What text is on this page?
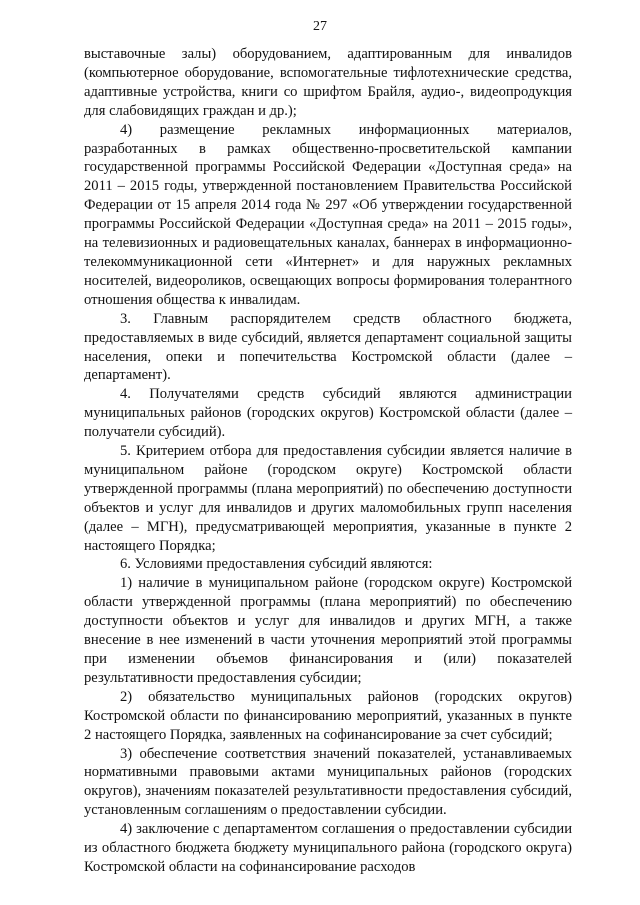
27

выставочные залы) оборудованием, адаптированным для инвалидов (компьютерное оборудование, вспомогательные тифлотехнические средства, адаптивные устройства, книги со шрифтом Брайля, аудио-, видеопродукция для слабовидящих граждан и др.);

4) размещение рекламных информационных материалов, разработанных в рамках общественно-просветительской кампании государственной программы Российской Федерации «Доступная среда» на 2011 – 2015 годы, утвержденной постановлением Правительства Российской Федерации от 15 апреля 2014 года № 297 «Об утверждении государственной программы Российской Федерации «Доступная среда» на 2011 – 2015 годы», на телевизионных и радиовещательных каналах, баннерах в информационно-телекоммуникационной сети «Интернет» и для наружных рекламных носителей, видеороликов, освещающих вопросы формирования толерантного отношения общества к инвалидам.

3. Главным распорядителем средств областного бюджета, предоставляемых в виде субсидий, является департамент социальной защиты населения, опеки и попечительства Костромской области (далее – департамент).

4. Получателями средств субсидий являются администрации муниципальных районов (городских округов) Костромской области (далее – получатели субсидий).

5. Критерием отбора для предоставления субсидии является наличие в муниципальном районе (городском округе) Костромской области утвержденной программы (плана мероприятий) по обеспечению доступности объектов и услуг для инвалидов и других маломобильных групп населения (далее – МГН), предусматривающей мероприятия, указанные в пункте 2 настоящего Порядка;

6. Условиями предоставления субсидий являются:

1) наличие в муниципальном районе (городском округе) Костромской области утвержденной программы (плана мероприятий) по обеспечению доступности объектов и услуг для инвалидов и других МГН, а также внесение в нее изменений в части уточнения мероприятий этой программы при изменении объемов финансирования и (или) показателей результативности предоставления субсидии;

2) обязательство муниципальных районов (городских округов) Костромской области по финансированию мероприятий, указанных в пункте 2 настоящего Порядка, заявленных на софинансирование за счет субсидий;

3) обеспечение соответствия значений показателей, устанавливаемых нормативными правовыми актами муниципальных районов (городских округов), значениям показателей результативности предоставления субсидий, установленным соглашениям о предоставлении субсидии.

4) заключение с департаментом соглашения о предоставлении субсидии из областного бюджета бюджету муниципального района (городского округа) Костромской области на софинансирование расходов
